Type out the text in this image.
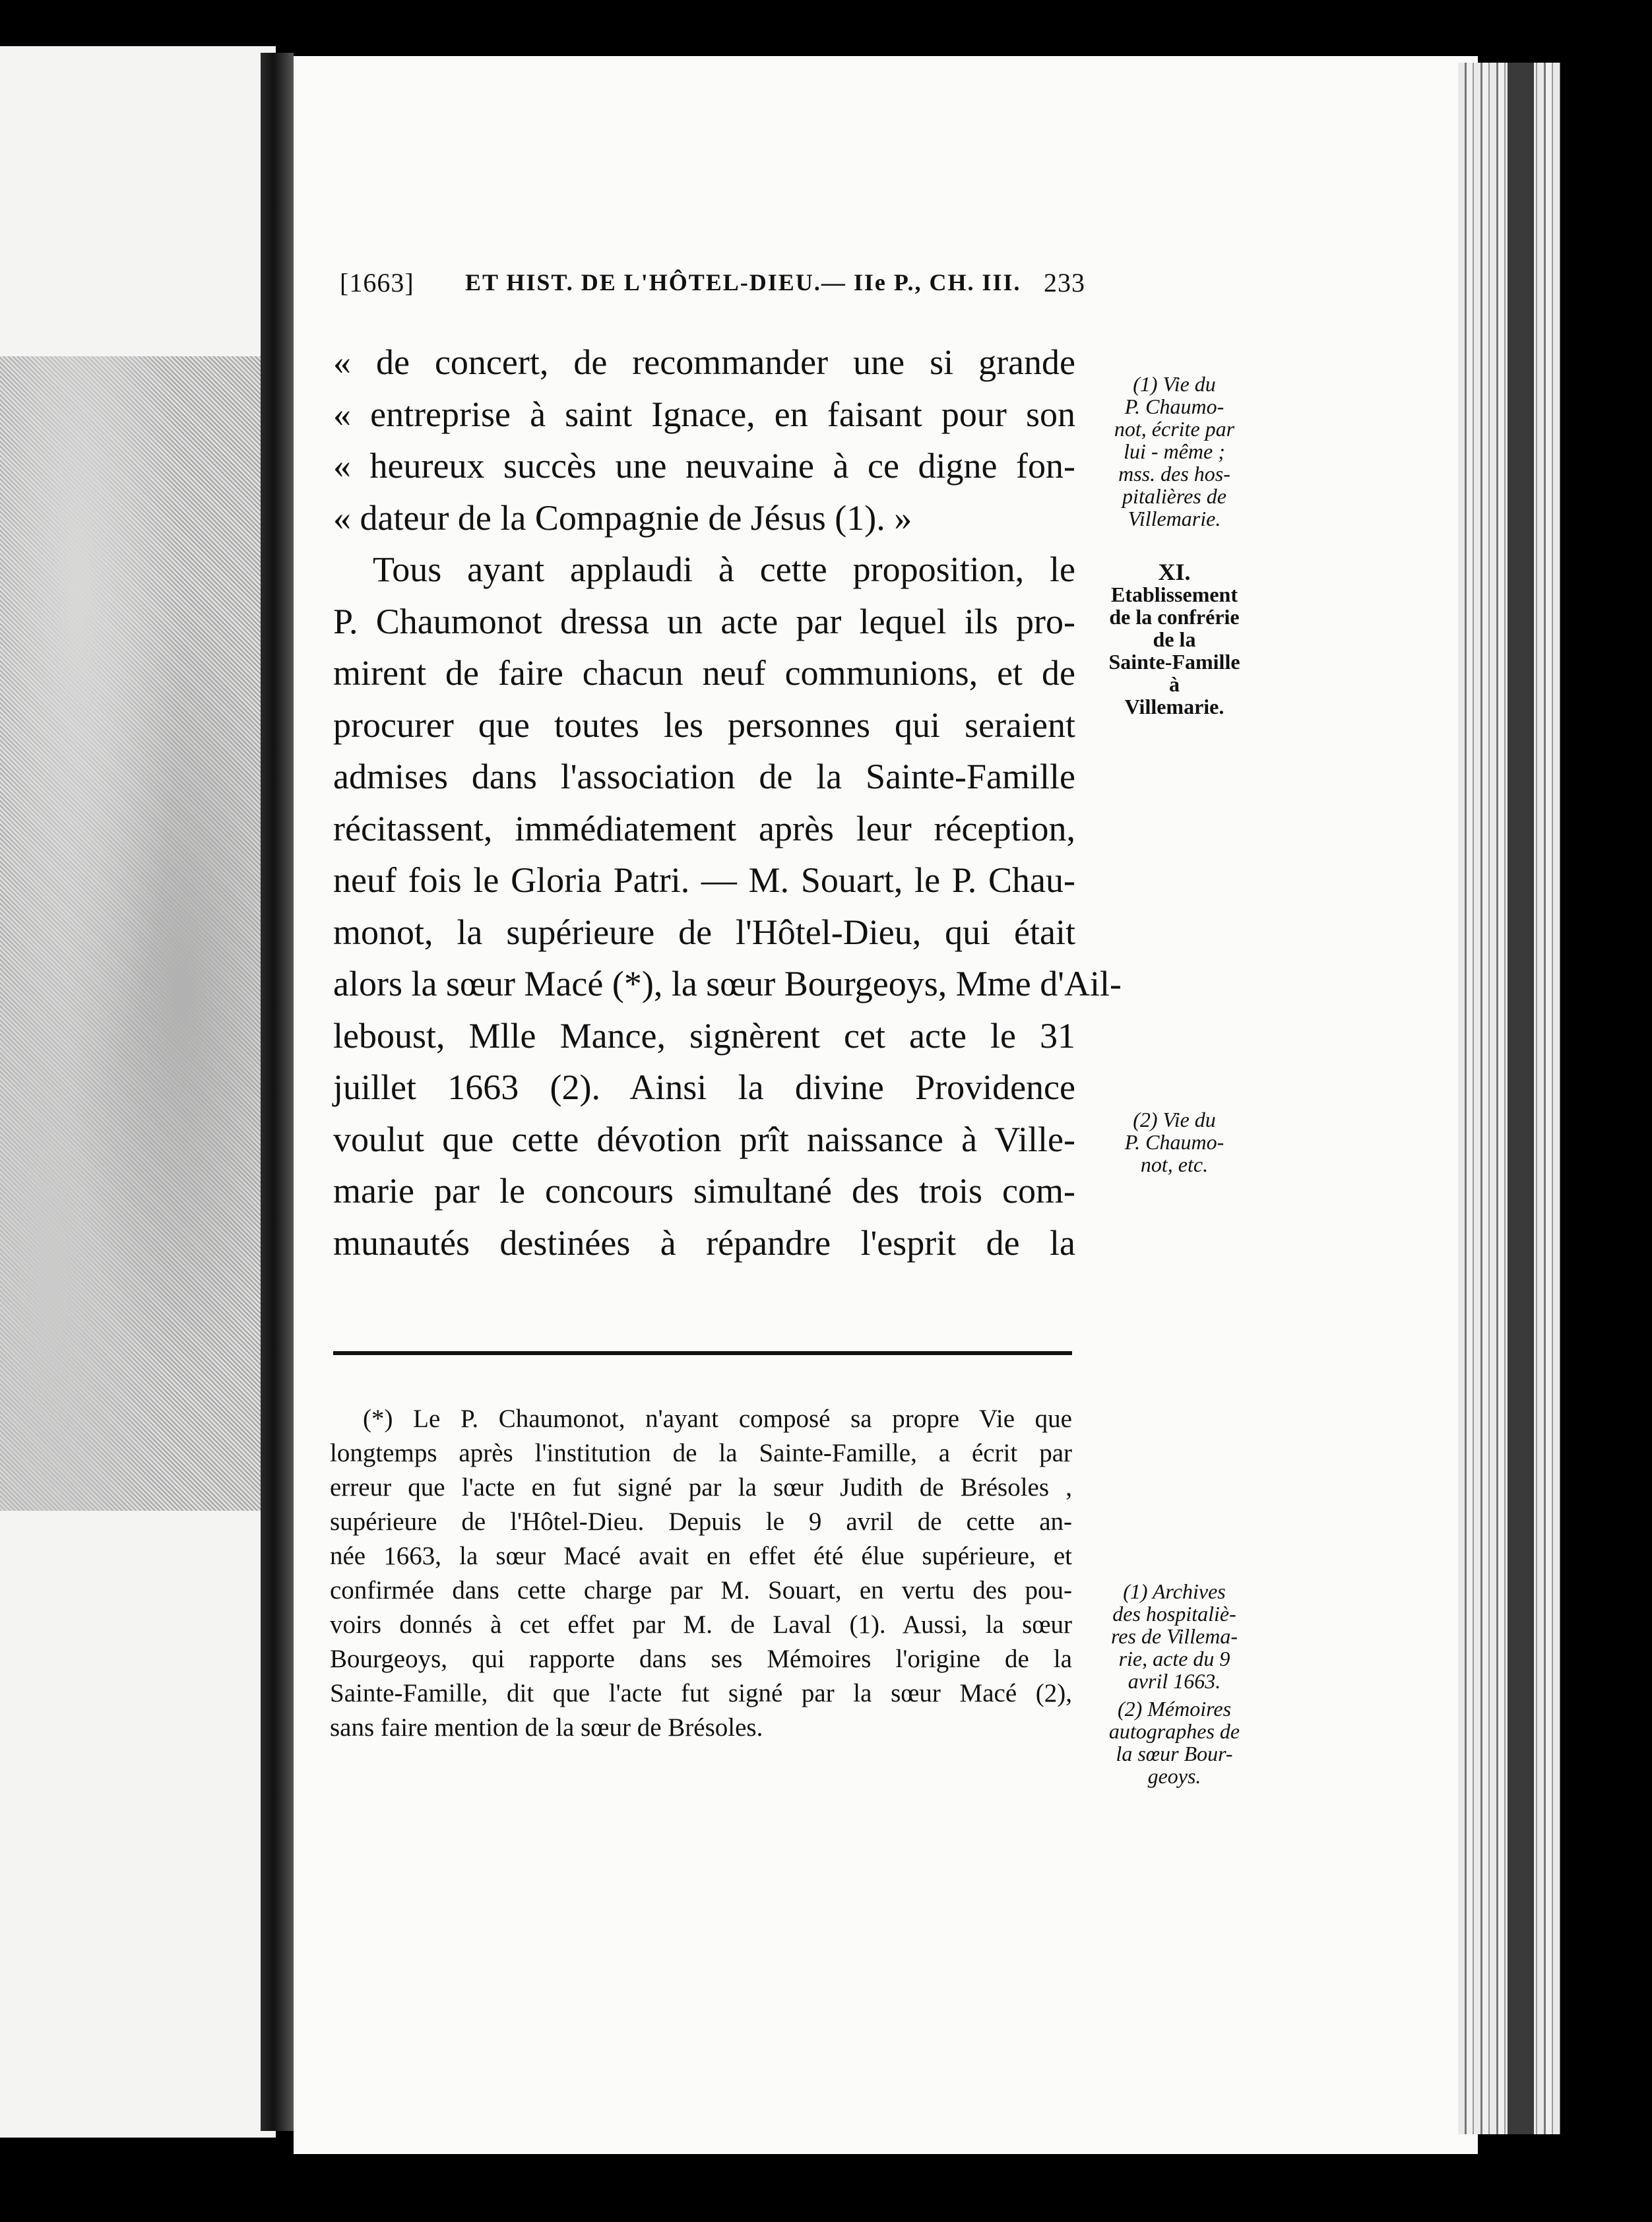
[1663] ET HIST. DE L'HÔTEL-DIEU.— IIe P., CH. III. 233
« de concert, de recommander une si grande
« entreprise à saint Ignace, en faisant pour son
« heureux succès une neuvaine à ce digne fon-
« dateur de la Compagnie de Jésus (1). »
Tous ayant applaudi à cette proposition, le
P. Chaumonot dressa un acte par lequel ils pro-
mirent de faire chacun neuf communions, et de
procurer que toutes les personnes qui seraient
admises dans l'association de la Sainte-Famille
récitassent, immédiatement après leur réception,
neuf fois le Gloria Patri. — M. Souart, le P. Chau-
monot, la supérieure de l'Hôtel-Dieu, qui était
alors la sœur Macé (*), la sœur Bourgeoys, Mme d'Ail-
leboust, Mlle Mance, signèrent cet acte le 31
juillet 1663 (2). Ainsi la divine Providence
voulut que cette dévotion prît naissance à Ville-
marie par le concours simultané des trois com-
munautés destinées à répandre l'esprit de la
(1) Vie du
P. Chaumo-
not, écrite par
lui - même ;
mss. des hos-
pitalières de
Villemarie.
XI.
Etablissement
de la confrérie
de la
Sainte-Famille
à
Villemarie.
(2) Vie du
P. Chaumo-
not, etc.
(1) Archives
des hospitaliè-
res de Villema-
rie, acte du 9
avril 1663.
(2) Mémoires
autographes de
la sœur Bour-
geoys.
(*) Le P. Chaumonot, n'ayant composé sa propre Vie que
longtemps après l'institution de la Sainte-Famille, a écrit par
erreur que l'acte en fut signé par la sœur Judith de Brésoles ,
supérieure de l'Hôtel-Dieu. Depuis le 9 avril de cette an-
née 1663, la sœur Macé avait en effet été élue supérieure, et
confirmée dans cette charge par M. Souart, en vertu des pou-
voirs donnés à cet effet par M. de Laval (1). Aussi, la sœur
Bourgeoys, qui rapporte dans ses Mémoires l'origine de la
Sainte-Famille, dit que l'acte fut signé par la sœur Macé (2),
sans faire mention de la sœur de Brésoles.
